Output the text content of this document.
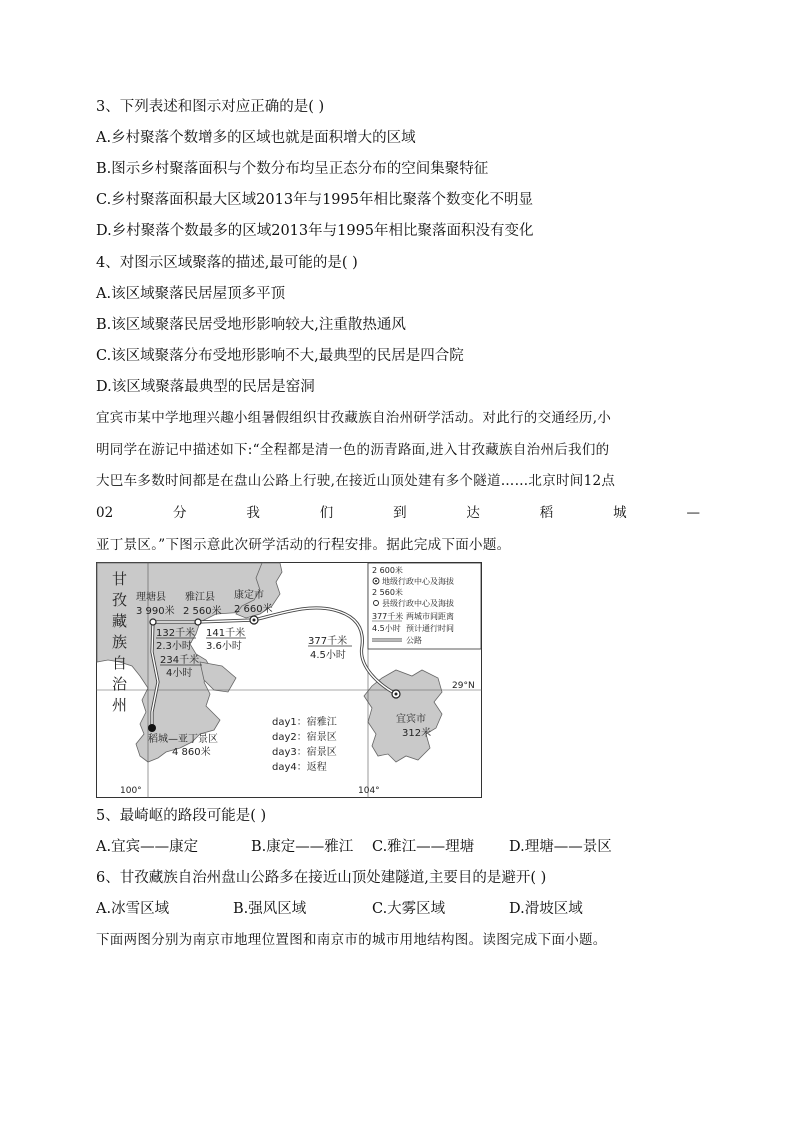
3、下列表述和图示对应正确的是( )
A.乡村聚落个数增多的区域也就是面积增大的区域
B.图示乡村聚落面积与个数分布均呈正态分布的空间集聚特征
C.乡村聚落面积最大区域2013年与1995年相比聚落个数变化不明显
D.乡村聚落个数最多的区域2013年与1995年相比聚落面积没有变化
4、对图示区域聚落的描述,最可能的是( )
A.该区域聚落民居屋顶多平顶
B.该区域聚落民居受地形影响较大,注重散热通风
C.该区域聚落分布受地形影响不大,最典型的民居是四合院
D.该区域聚落最典型的民居是窑洞
宜宾市某中学地理兴趣小组暑假组织甘孜藏族自治州研学活动。对此行的交通经历,小
明同学在游记中描述如下:“全程都是清一色的沥青路面,进入甘孜藏族自治州后我们的
大巴车多数时间都是在盘山公路上行驶,在接近山顶处建有多个隧道……北京时间12点
02	分	我	们	到	达	稻	城	—
亚丁景区。”下图示意此次研学活动的行程安排。据此完成下面小题。
甘
孜
藏
族
自
治
州
理塘县
3 990米
雅江县
2 560米
康定市
2 660米
宜宾市
312米
稻城—亚丁景区
4 860米
132千米
2.3小时
141千米
3.6小时	377千米
4.5小时
234千米
4小时
day1：宿雅江
day2：宿景区
day3：宿景区
day4：返程
29°N
100°	104°
2 600米
地级行政中心及海拔
2 560米
县级行政中心及海拔
377千米 两城市间距离
4.5小时 预计通行时间
公路
5、最崎岖的路段可能是( )
A.宜宾——康定	B.康定——雅江 C.雅江——理塘 D.理塘——景区
6、甘孜藏族自治州盘山公路多在接近山顶处建隧道,主要目的是避开( )
A.冰雪区域	B.强风区域	C.大雾区域	D.滑坡区域
下面两图分别为南京市地理位置图和南京市的城市用地结构图。读图完成下面小题。
